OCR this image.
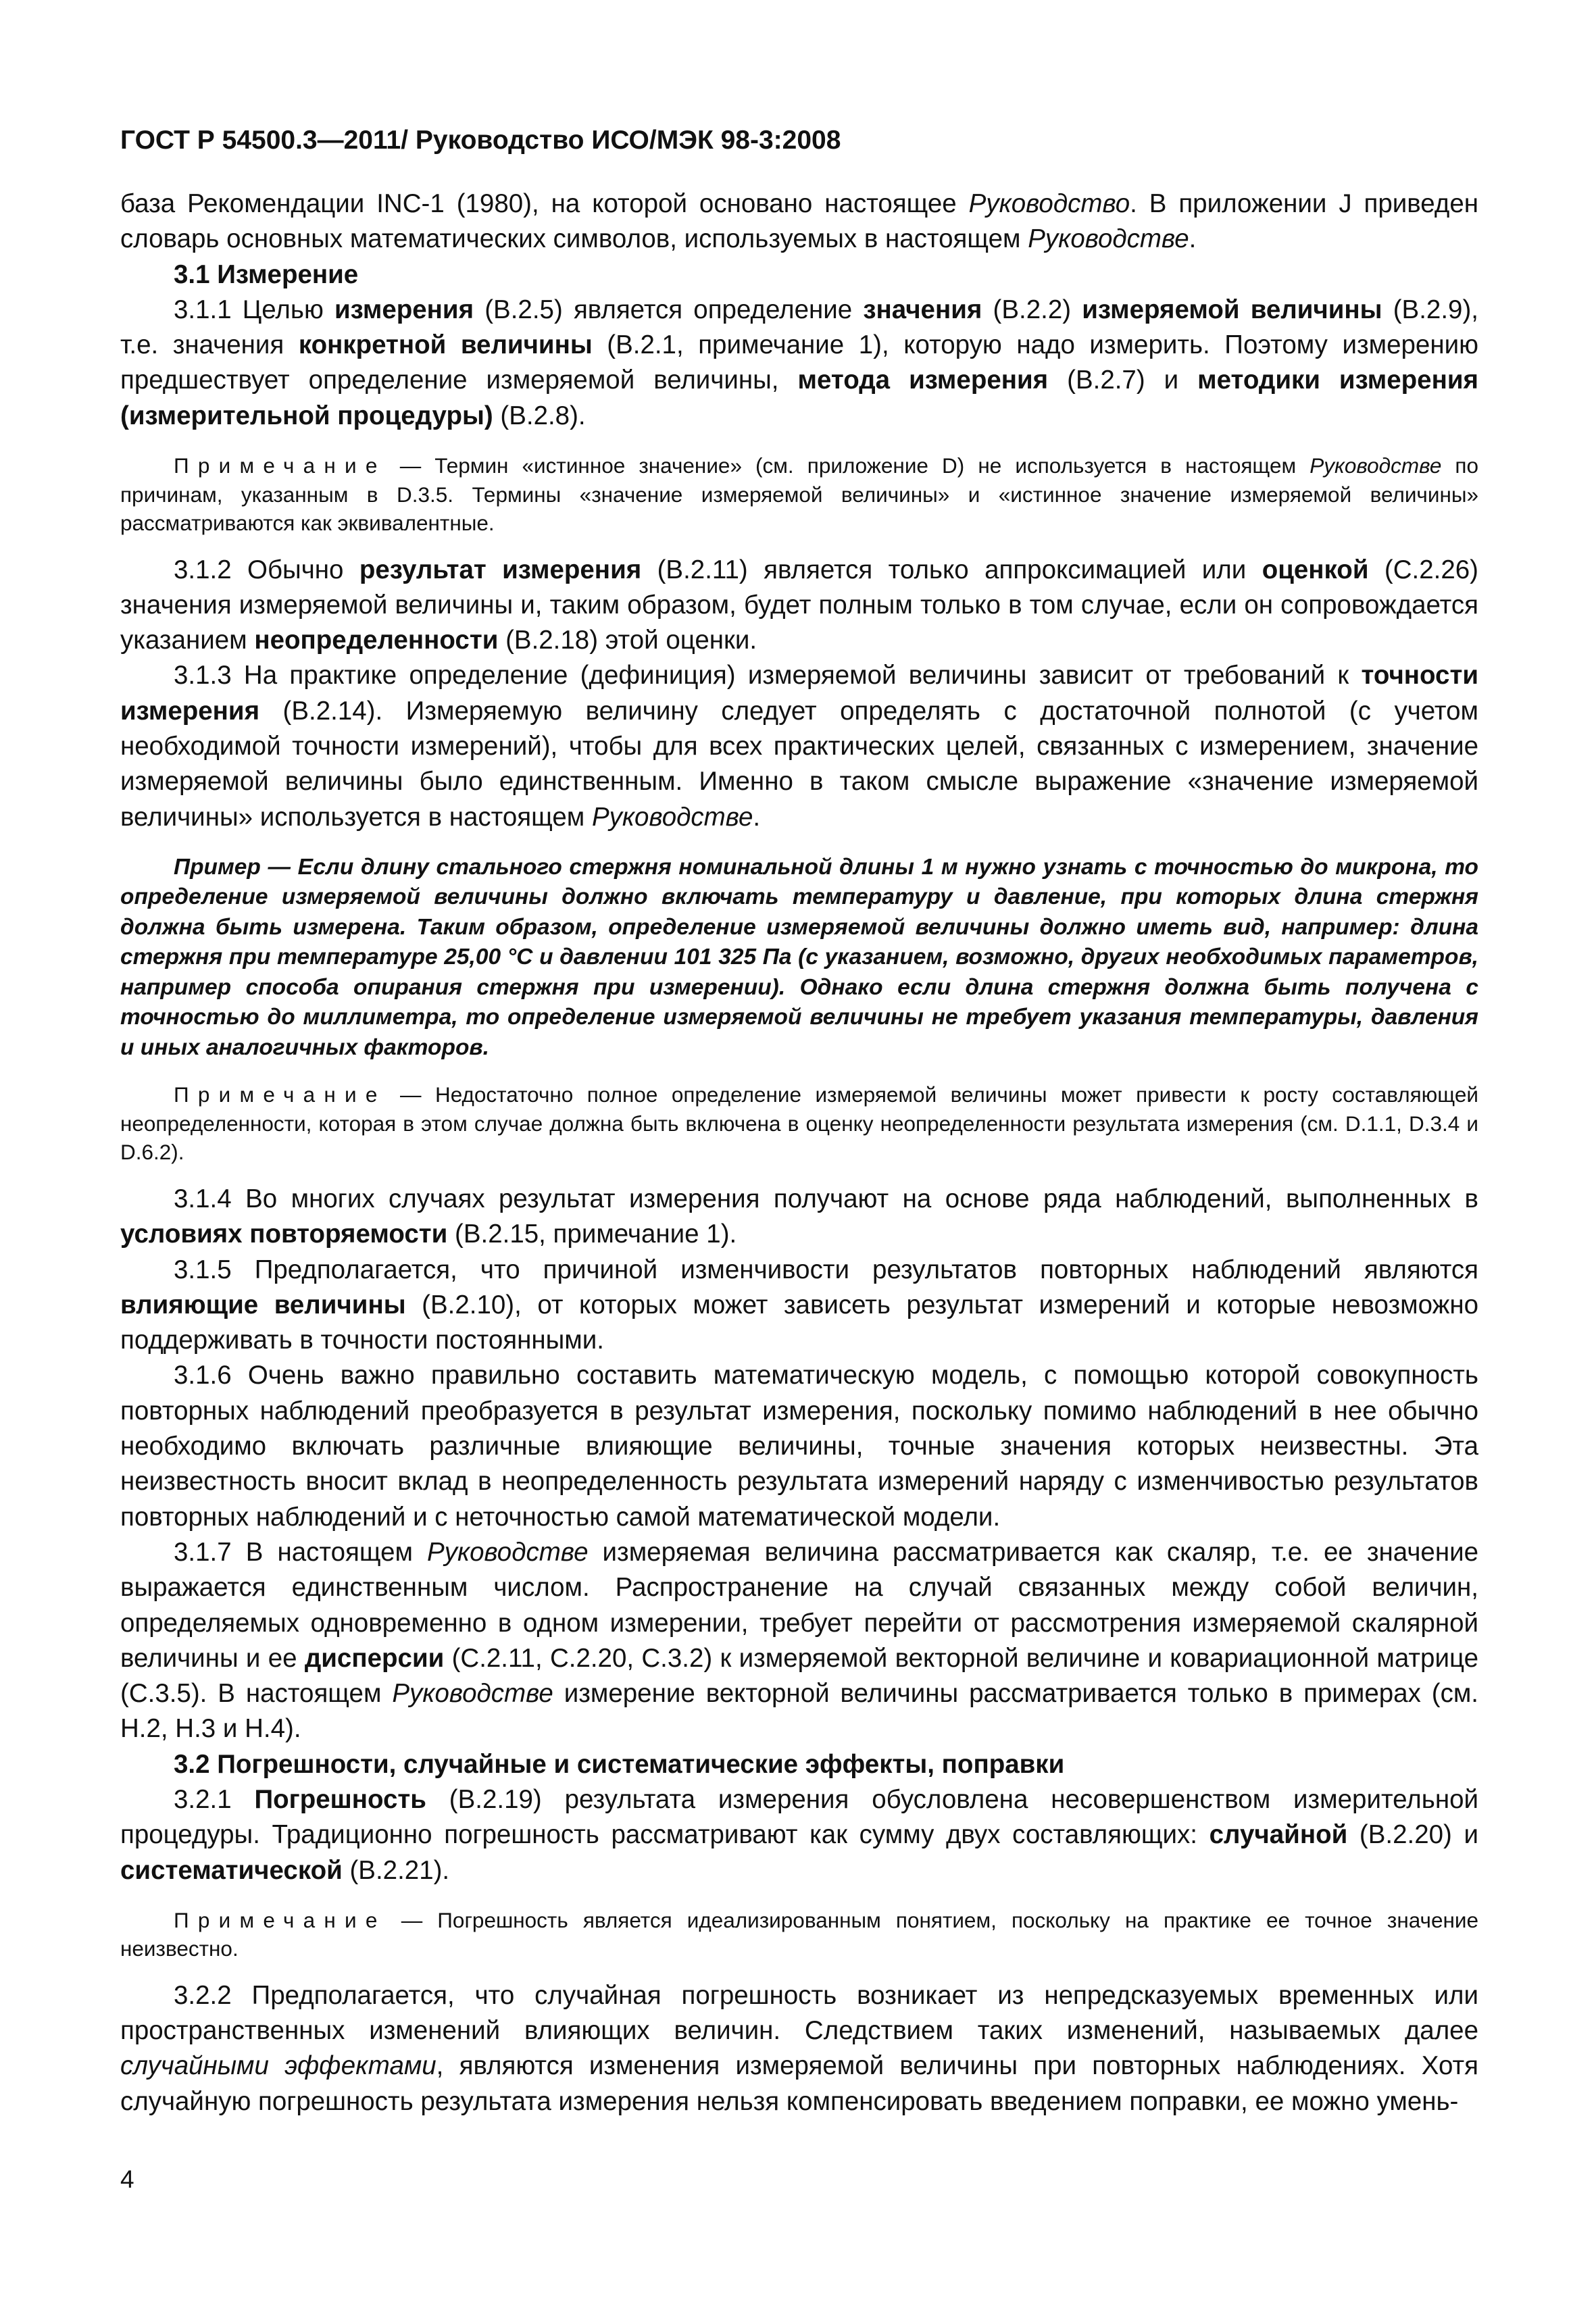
ГОСТ Р 54500.3—2011/ Руководство ИСО/МЭК 98-3:2008

база Рекомендации INC-1 (1980), на которой основано настоящее Руководство. В приложении J приведен словарь основных математических символов, используемых в настоящем Руководстве.

3.1 Измерение

3.1.1 Целью измерения (B.2.5) является определение значения (B.2.2) измеряемой величины (B.2.9), т.е. значения конкретной величины (B.2.1, примечание 1), которую надо измерить. Поэтому измерению предшествует определение измеряемой величины, метода измерения (B.2.7) и методики измерения (измерительной процедуры) (B.2.8).

Примечание — Термин «истинное значение» (см. приложение D) не используется в настоящем Руководстве по причинам, указанным в D.3.5. Термины «значение измеряемой величины» и «истинное значение измеряемой величины» рассматриваются как эквивалентные.

3.1.2 Обычно результат измерения (B.2.11) является только аппроксимацией или оценкой (C.2.26) значения измеряемой величины и, таким образом, будет полным только в том случае, если он сопровождается указанием неопределенности (B.2.18) этой оценки.

3.1.3 На практике определение (дефиниция) измеряемой величины зависит от требований к точности измерения (B.2.14). Измеряемую величину следует определять с достаточной полнотой (с учетом необходимой точности измерений), чтобы для всех практических целей, связанных с измерением, значение измеряемой величины было единственным. Именно в таком смысле выражение «значение измеряемой величины» используется в настоящем Руководстве.

Пример — Если длину стального стержня номинальной длины 1 м нужно узнать с точностью до микрона, то определение измеряемой величины должно включать температуру и давление, при которых длина стержня должна быть измерена. Таким образом, определение измеряемой величины должно иметь вид, например: длина стержня при температуре 25,00 °С и давлении 101 325 Па (с указанием, возможно, других необходимых параметров, например способа опирания стержня при измерении). Однако если длина стержня должна быть получена с точностью до миллиметра, то определение измеряемой величины не требует указания температуры, давления и иных аналогичных факторов.

Примечание — Недостаточно полное определение измеряемой величины может привести к росту составляющей неопределенности, которая в этом случае должна быть включена в оценку неопределенности результата измерения (см. D.1.1, D.3.4 и D.6.2).

3.1.4 Во многих случаях результат измерения получают на основе ряда наблюдений, выполненных в условиях повторяемости (B.2.15, примечание 1).

3.1.5 Предполагается, что причиной изменчивости результатов повторных наблюдений являются влияющие величины (B.2.10), от которых может зависеть результат измерений и которые невозможно поддерживать в точности постоянными.

3.1.6 Очень важно правильно составить математическую модель, с помощью которой совокупность повторных наблюдений преобразуется в результат измерения, поскольку помимо наблюдений в нее обычно необходимо включать различные влияющие величины, точные значения которых неизвестны. Эта неизвестность вносит вклад в неопределенность результата измерений наряду с изменчивостью результатов повторных наблюдений и с неточностью самой математической модели.

3.1.7 В настоящем Руководстве измеряемая величина рассматривается как скаляр, т.е. ее значение выражается единственным числом. Распространение на случай связанных между собой величин, определяемых одновременно в одном измерении, требует перейти от рассмотрения измеряемой скалярной величины и ее дисперсии (C.2.11, C.2.20, C.3.2) к измеряемой векторной величине и ковариационной матрице (C.3.5). В настоящем Руководстве измерение векторной величины рассматривается только в примерах (см. H.2, H.3 и H.4).

3.2 Погрешности, случайные и систематические эффекты, поправки

3.2.1 Погрешность (B.2.19) результата измерения обусловлена несовершенством измерительной процедуры. Традиционно погрешность рассматривают как сумму двух составляющих: случайной (B.2.20) и систематической (B.2.21).

Примечание — Погрешность является идеализированным понятием, поскольку на практике ее точное значение неизвестно.

3.2.2 Предполагается, что случайная погрешность возникает из непредсказуемых временных или пространственных изменений влияющих величин. Следствием таких изменений, называемых далее случайными эффектами, являются изменения измеряемой величины при повторных наблюдениях. Хотя случайную погрешность результата измерения нельзя компенсировать введением поправки, ее можно умень-

4
